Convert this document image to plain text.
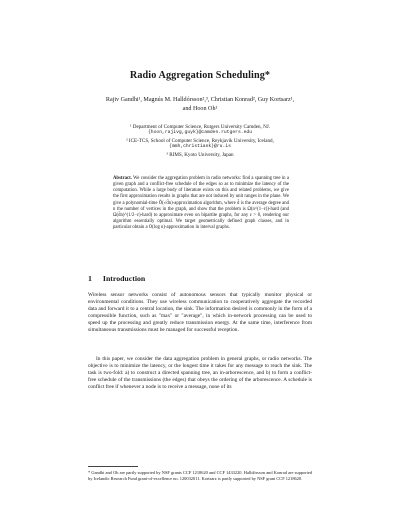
Radio Aggregation Scheduling*
Rajiv Gandhi¹, Magnús M. Halldórsson²,³, Christian Konrad², Guy Kortsarz¹,
and Hoon Oh¹
¹ Department of Computer Science, Rutgers University Camden, NJ.
{hoon,rajivg,guyk}@camden.rutgers.edu
² ICE-TCS, School of Computer Science, Reykjavik University, Iceland,
{mmh,christiank}@ru.is
³ RIMS, Kyoto University, Japan
Abstract. We consider the aggregation problem in radio networks: find a spanning tree in a given graph and a conflict-free schedule of the edges so as to minimize the latency of the computation. While a large body of literature exists on this and related problems, we give the first approximation results in graphs that are not induced by unit ranges in the plane. We give a polynomial-time Õ(√d̄n)-approximation algorithm, where d̄ is the average degree and n the number of vertices in the graph, and show that the problem is Ω(n^(1−ε))-hard (and Ω(d̄n)^(1/2−ε)-hard) to approximate even on bipartite graphs, for any ε > 0, rendering our algorithm essentially optimal. We target geometrically defined graph classes, and in particular obtain a O(log n)-approximation in interval graphs.
1 Introduction
Wireless sensor networks consist of autonomous sensors that typically monitor physical or environmental conditions. They use wireless communication to cooperatively aggregate the recorded data and forward it to a central location, the sink. The information desired is commonly in the form of a compressible function, such as "max" or "average", in which in-network processing can be used to speed up the processing and greatly reduce transmission energy. At the same time, interference from simultaneous transmissions must be managed for successful reception.
In this paper, we consider the data aggregation problem in general graphs, or radio networks. The objective is to minimize the latency, or the longest time it takes for any message to reach the sink. The task is two-fold: a) to construct a directed spanning tree, an in-arborescence, and b) to form a conflict-free schedule of the transmissions (the edges) that obeys the ordering of the arborescence. A schedule is conflict free if whenever a node is to receive a message, none of its
* Gandhi and Oh are partly supported by NSF grants CCF 1218620 and CCF 1433220. Halldórsson and Konrad are supported by Icelandic Research Fund grant-of-excellence no. 120032011. Kortsarz is partly supported by NSF grant CCF 1218620.
